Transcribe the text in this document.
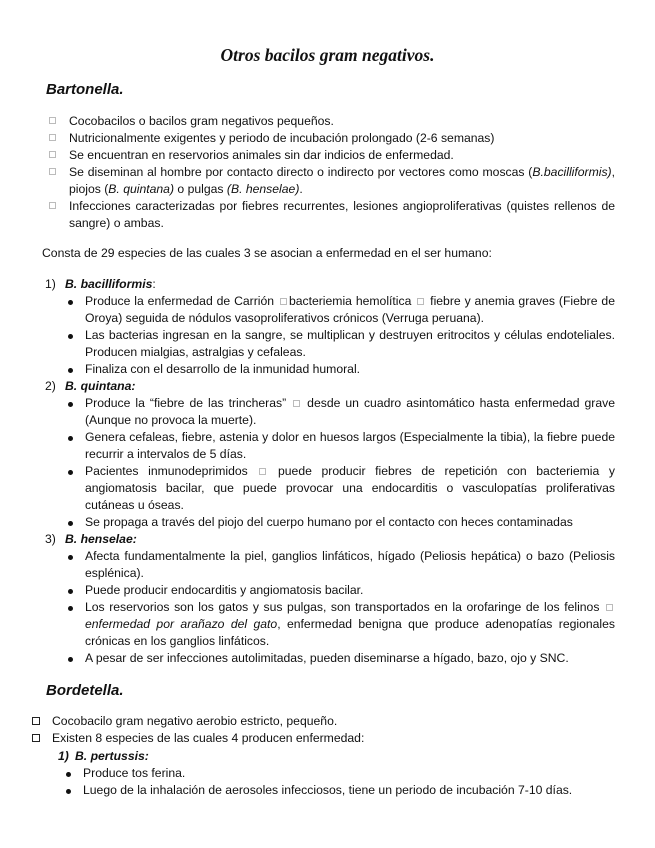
Otros bacilos gram negativos.
Bartonella.
Cocobacilos o bacilos gram negativos pequeños.
Nutricionalmente exigentes y periodo de incubación prolongado (2-6 semanas)
Se encuentran en reservorios animales sin dar indicios de enfermedad.
Se diseminan al hombre por contacto directo o indirecto por vectores como moscas (B.bacilliformis), piojos (B. quintana) o pulgas (B. henselae).
Infecciones caracterizadas por fiebres recurrentes, lesiones angioproliferativas (quistes rellenos de sangre) o ambas.
Consta de 29 especies de las cuales 3 se asocian a enfermedad en el ser humano:
1) B. bacilliformis:
Produce la enfermedad de Carrión bacteriemia hemolítica  fiebre y anemia graves (Fiebre de Oroya) seguida de nódulos vasoproliferativos crónicos (Verruga peruana).
Las bacterias ingresan en la sangre, se multiplican y destruyen eritrocitos y células endoteliales. Producen mialgias, astralgias y cefaleas.
Finaliza con el desarrollo de la inmunidad humoral.
2) B. quintana:
Produce la “fiebre de las trincheras”  desde un cuadro asintomático hasta enfermedad grave (Aunque no provoca la muerte).
Genera cefaleas, fiebre, astenia y dolor en huesos largos (Especialmente la tibia), la fiebre puede recurrir a intervalos de 5 días.
Pacientes inmunodeprimidos  puede producir fiebres de repetición con bacteriemia y angiomatosis bacilar, que puede provocar una endocarditis o vasculopatías proliferativas cutáneas u óseas.
Se propaga a través del piojo del cuerpo humano por el contacto con heces contaminadas
3) B. henselae:
Afecta fundamentalmente la piel, ganglios linfáticos, hígado (Peliosis hepática) o bazo (Peliosis esplénica).
Puede producir endocarditis y angiomatosis bacilar.
Los reservorios son los gatos y sus pulgas, son transportados en la orofaringe de los felinos  enfermedad por arañazo del gato, enfermedad benigna que produce adenopatías regionales crónicas en los ganglios linfáticos.
A pesar de ser infecciones autolimitadas, pueden diseminarse a hígado, bazo, ojo y SNC.
Bordetella.
Cocobacilo gram negativo aerobio estricto, pequeño.
Existen 8 especies de las cuales 4 producen enfermedad:
1) B. pertussis:
Produce tos ferina.
Luego de la inhalación de aerosoles infecciosos, tiene un periodo de incubación 7-10 días.
